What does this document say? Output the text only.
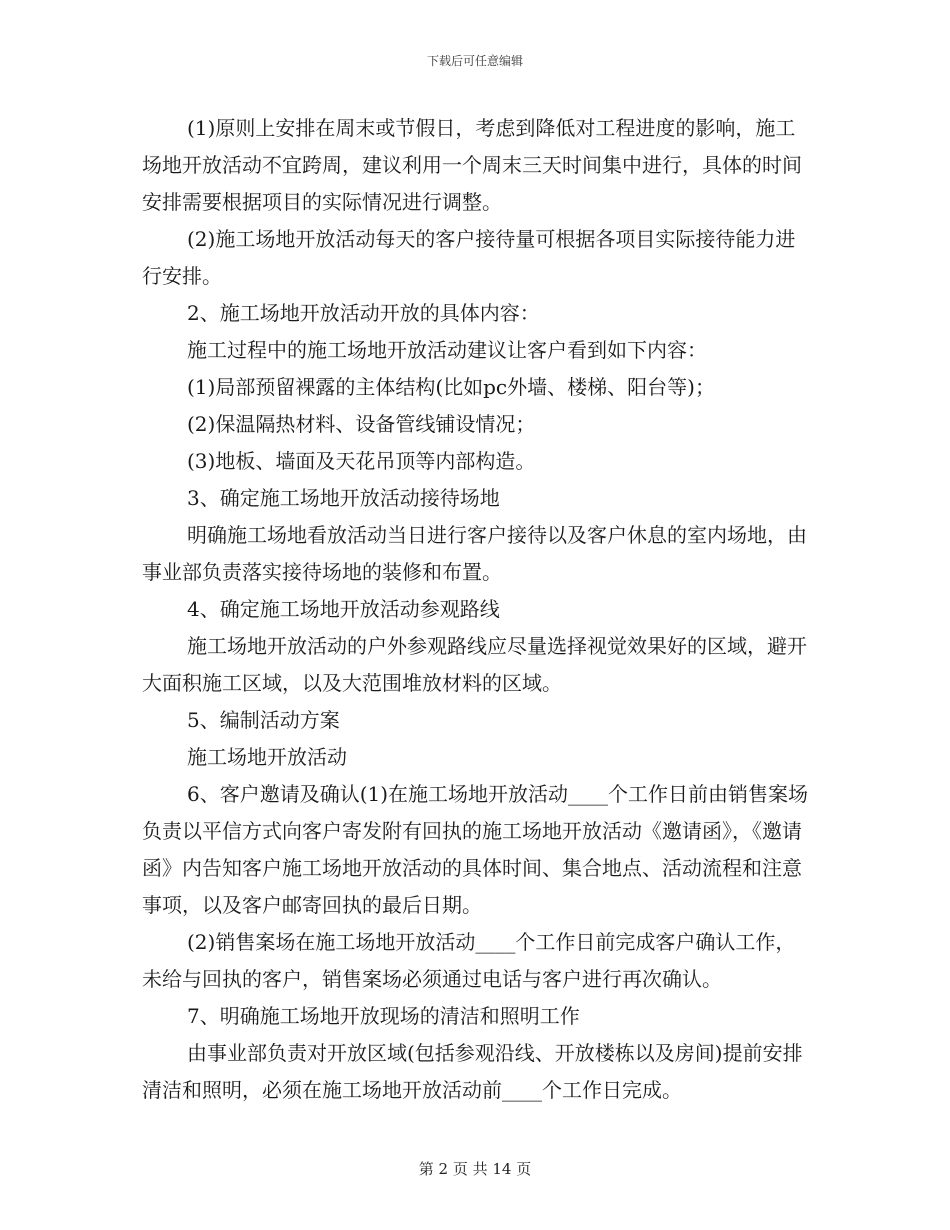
下载后可任意编辑

(1)原则上安排在周末或节假日，考虑到降低对工程进度的影响，施工场地开放活动不宜跨周，建议利用一个周末三天时间集中进行，具体的时间安排需要根据项目的实际情况进行调整。

(2)施工场地开放活动每天的客户接待量可根据各项目实际接待能力进行安排。

2、施工场地开放活动开放的具体内容：

施工过程中的施工场地开放活动建议让客户看到如下内容：

(1)局部预留裸露的主体结构(比如pc外墙、楼梯、阳台等)；

(2)保温隔热材料、设备管线铺设情况；

(3)地板、墙面及天花吊顶等内部构造。

3、确定施工场地开放活动接待场地

明确施工场地看放活动当日进行客户接待以及客户休息的室内场地，由事业部负责落实接待场地的装修和布置。

4、确定施工场地开放活动参观路线

施工场地开放活动的户外参观路线应尽量选择视觉效果好的区域，避开大面积施工区域，以及大范围堆放材料的区域。

5、编制活动方案

施工场地开放活动

6、客户邀请及确认(1)在施工场地开放活动____个工作日前由销售案场负责以平信方式向客户寄发附有回执的施工场地开放活动《邀请函》，《邀请函》内告知客户施工场地开放活动的具体时间、集合地点、活动流程和注意事项，以及客户邮寄回执的最后日期。

(2)销售案场在施工场地开放活动____个工作日前完成客户确认工作，未给与回执的客户，销售案场必须通过电话与客户进行再次确认。

7、明确施工场地开放现场的清洁和照明工作

由事业部负责对开放区域(包括参观沿线、开放楼栋以及房间)提前安排清洁和照明，必须在施工场地开放活动前____个工作日完成。

第 2 页 共 14 页
